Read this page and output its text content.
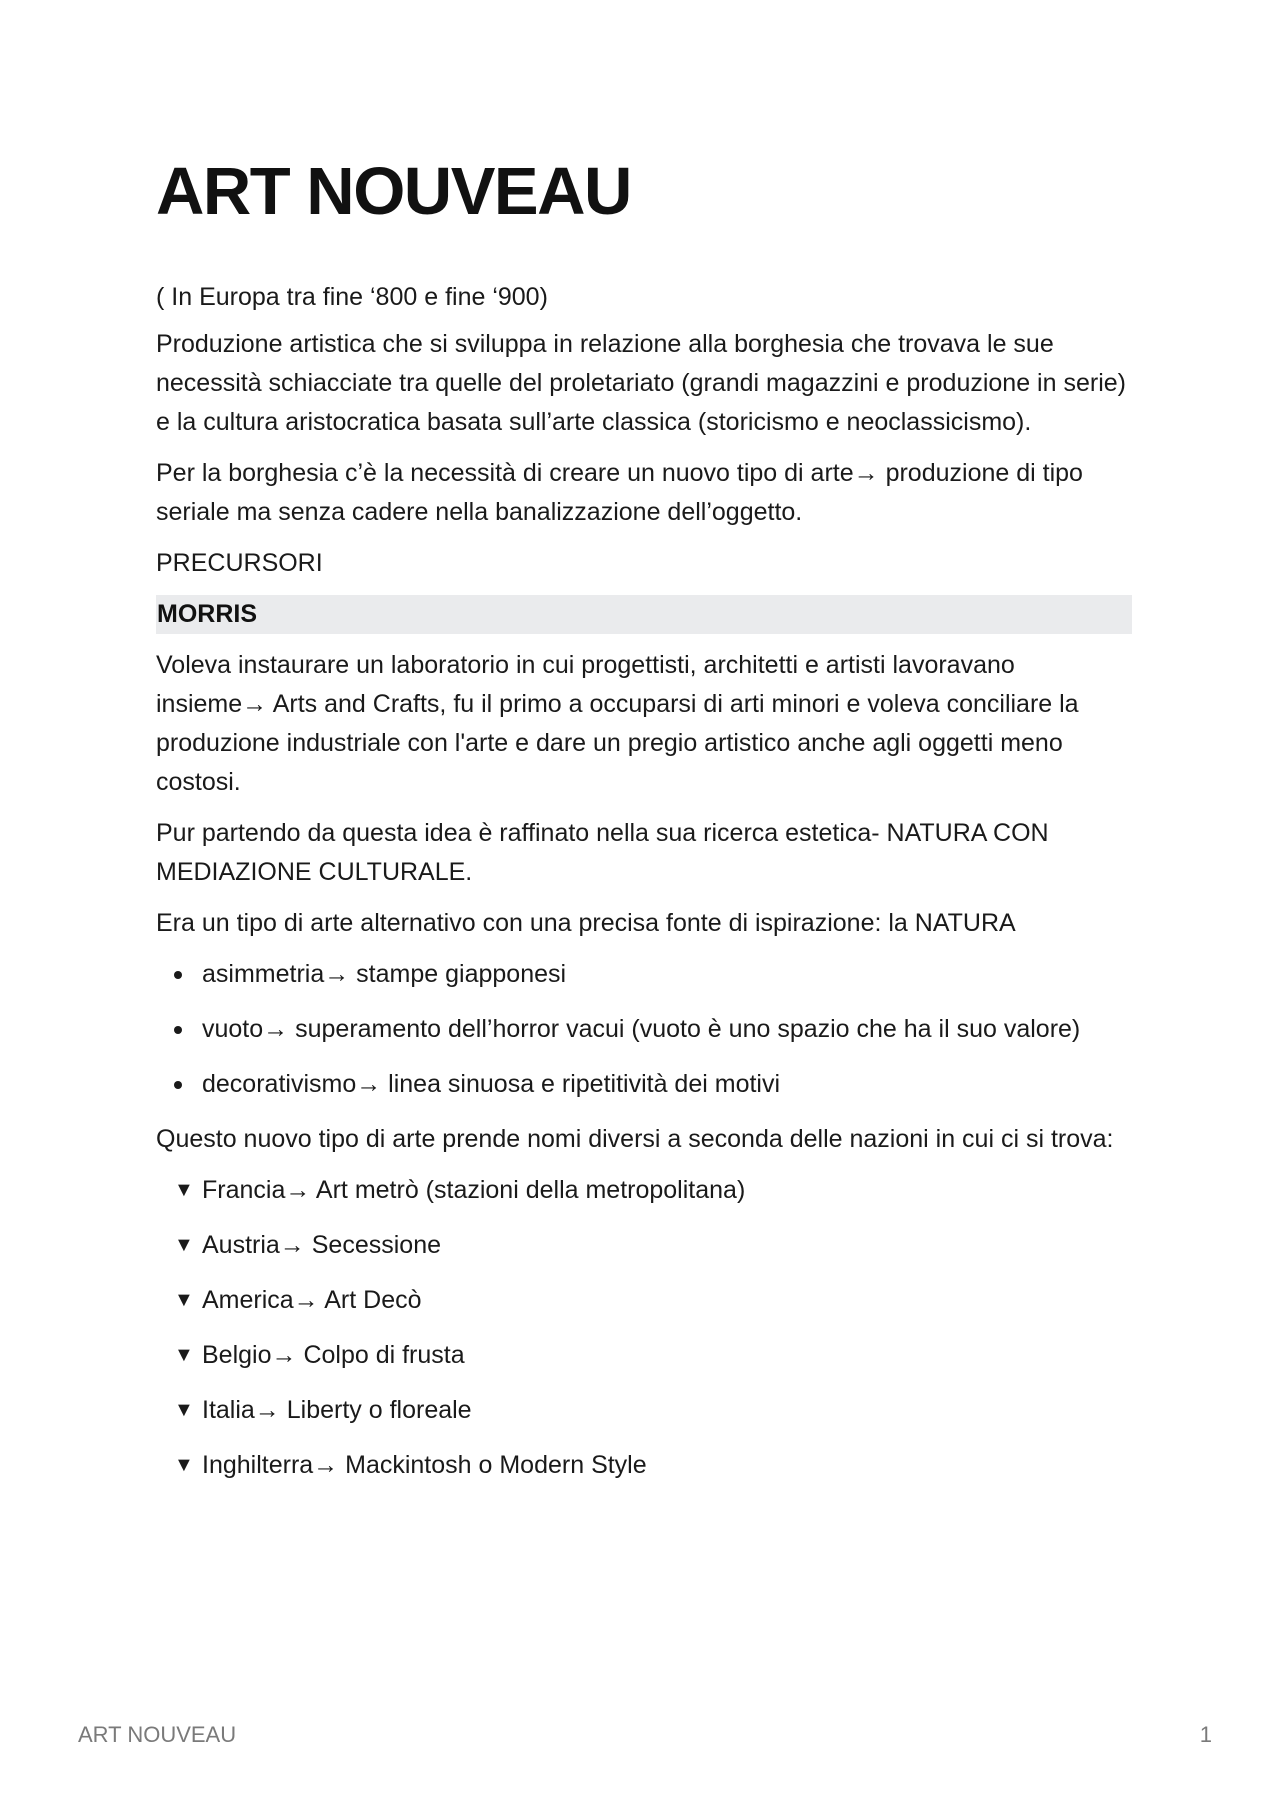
ART NOUVEAU
( In Europa tra fine ‘800 e fine ‘900)
Produzione artistica che si sviluppa in relazione alla borghesia che trovava le sue necessità schiacciate tra quelle del proletariato (grandi magazzini e produzione in serie) e la cultura aristocratica basata sull’arte classica (storicismo e neoclassicismo).
Per la borghesia c’è la necessità di creare un nuovo tipo di arte→ produzione di tipo seriale ma senza cadere nella banalizzazione dell’oggetto.
PRECURSORI
MORRIS
Voleva instaurare un laboratorio in cui progettisti, architetti e artisti lavoravano insieme→ Arts and Crafts, fu il primo a occuparsi di arti minori e voleva conciliare la produzione industriale con l'arte e dare un pregio artistico anche agli oggetti meno costosi.
Pur partendo da questa idea è raffinato nella sua ricerca estetica- NATURA CON MEDIAZIONE CULTURALE.
Era un tipo di arte alternativo con una precisa fonte di ispirazione: la NATURA
asimmetria→ stampe giapponesi
vuoto→ superamento dell’horror vacui (vuoto è uno spazio che ha il suo valore)
decorativismo→ linea sinuosa e ripetitività dei motivi
Questo nuovo tipo di arte prende nomi diversi a seconda delle nazioni in cui ci si trova:
▼ Francia→ Art metrò (stazioni della metropolitana)
▼ Austria→ Secessione
▼ America→ Art Decò
▼ Belgio→ Colpo di frusta
▼ Italia→ Liberty o floreale
▼ Inghilterra→ Mackintosh o Modern Style
ART NOUVEAU	1
